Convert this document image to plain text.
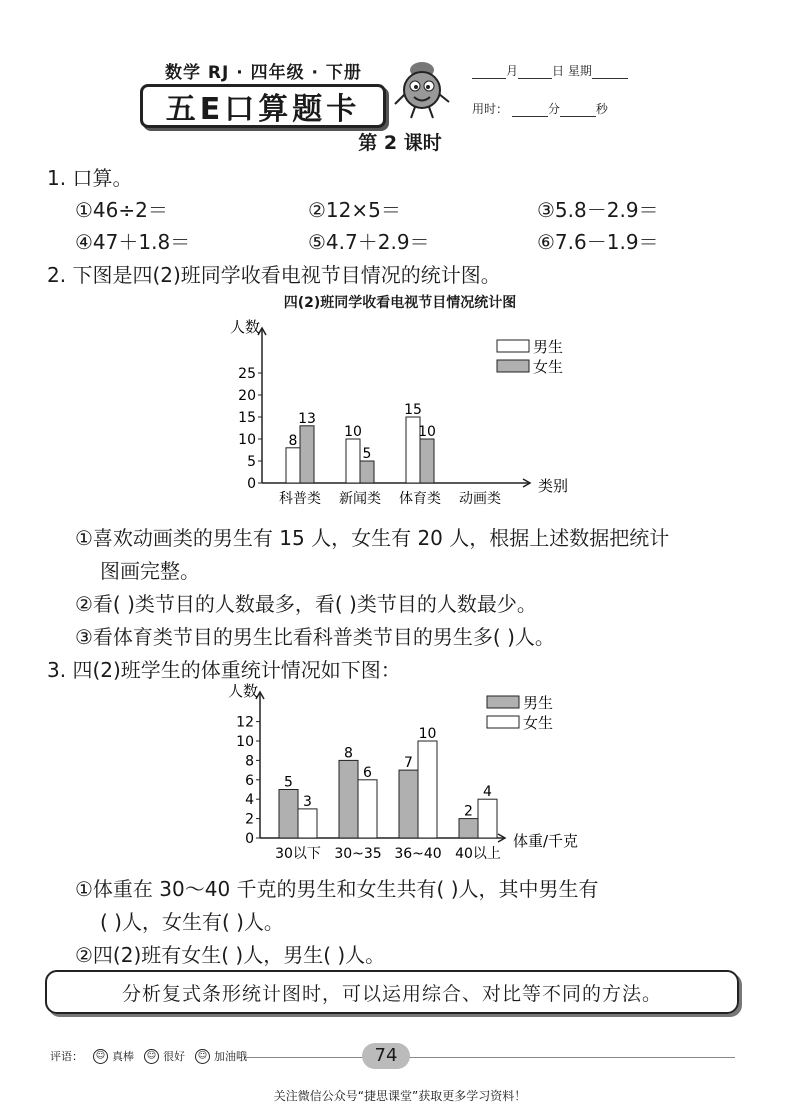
数学 RJ · 四年级 · 下册
五E口算题卡
月	日 星期
用时：	分	秒
第 2 课时
1. 口算。
①46÷2＝	②12×5＝	③5.8－2.9＝
④47＋1.8＝	⑤4.7＋2.9＝	⑥7.6－1.9＝
2. 下图是四(2)班同学收看电视节目情况的统计图。
四(2)班同学收看电视节目情况统计图
人数
类别
0
5
10
15
20
25
科普类
8
13
新闻类
10
5
体育类
15
10
动画类
男生
女生
①喜欢动画类的男生有 15 人，女生有 20 人，根据上述数据把统计
图画完整。
②看( )类节目的人数最多，看( )类节目的人数最少。
③看体育类节目的男生比看科普类节目的男生多( )人。
3. 四(2)班学生的体重统计情况如下图：
人数
体重/千克
0
2
4
6
8
10
12
30以下
5
3
30~35
8
6
36~40
7
10
40以上
2
4
男生
女生
①体重在 30～40 千克的男生和女生共有( )人，其中男生有
( )人，女生有( )人。
②四(2)班有女生( )人，男生( )人。
分析复式条形统计图时，可以运用综合、对比等不同的方法。
评语：	☺ 真棒	☺ 很好	☺ 加油哦	74
关注微信公众号“捷思课堂”获取更多学习资料！
